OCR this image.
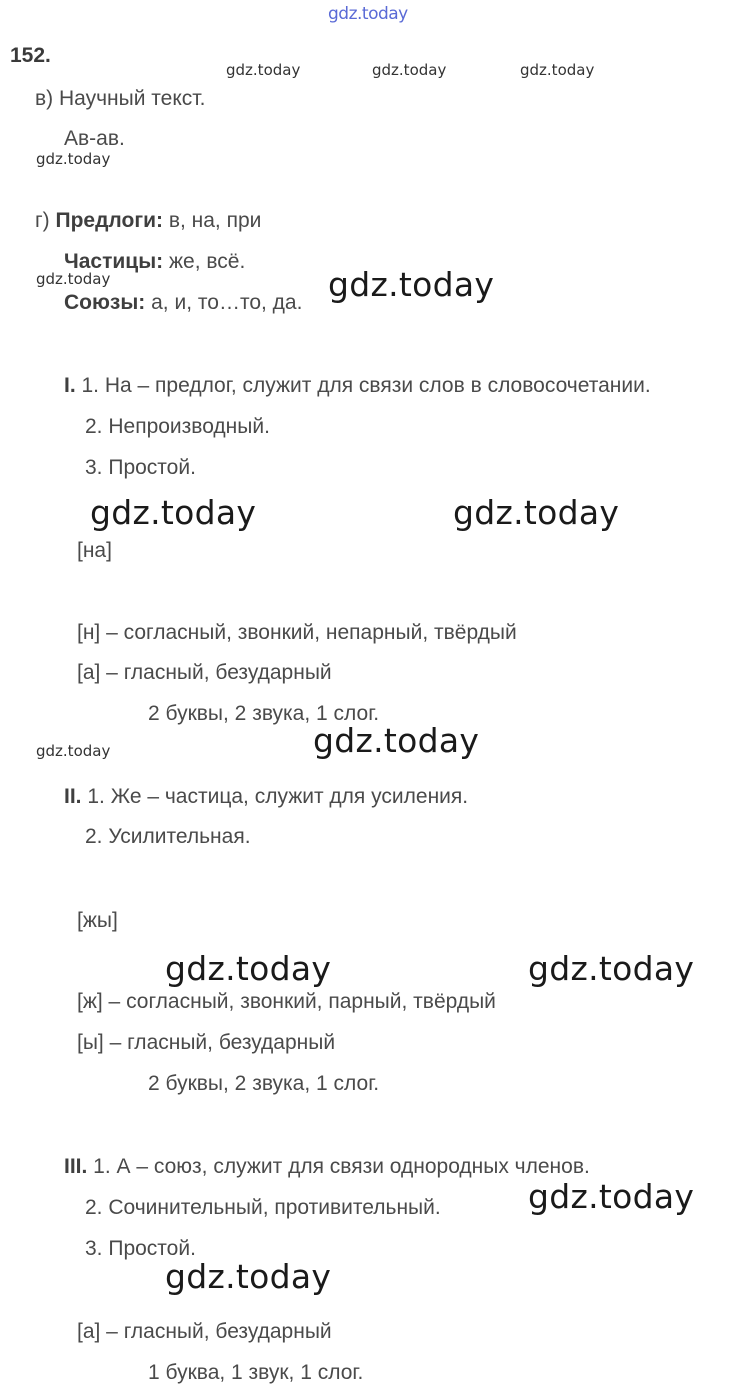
gdz.today
152.
gdz.today	gdz.today	gdz.today
в) Научный текст.
Ав-ав.
gdz.today
г) Предлоги: в, на, при
Частицы: же, всё.
gdz.today
Союзы: а, и, то…то, да. gdz.today
I. 1. На – предлог, служит для связи слов в словосочетании.
2. Непроизводный.
3. Простой.
gdz.today	gdz.today
[на]
[н] – согласный, звонкий, непарный, твёрдый
[а] – гласный, безударный
2 буквы, 2 звука, 1 слог.
gdz.today
gdz.today
II. 1. Же – частица, служит для усиления.
2. Усилительная.
[жы]
gdz.today	gdz.today
[ж] – согласный, звонкий, парный, твёрдый
[ы] – гласный, безударный
2 буквы, 2 звука, 1 слог.
III. 1. А – союз, служит для связи однородных членов.
2. Сочинительный, противительный.	gdz.today
3. Простой.
gdz.today
[а] – гласный, безударный
1 буква, 1 звук, 1 слог.
